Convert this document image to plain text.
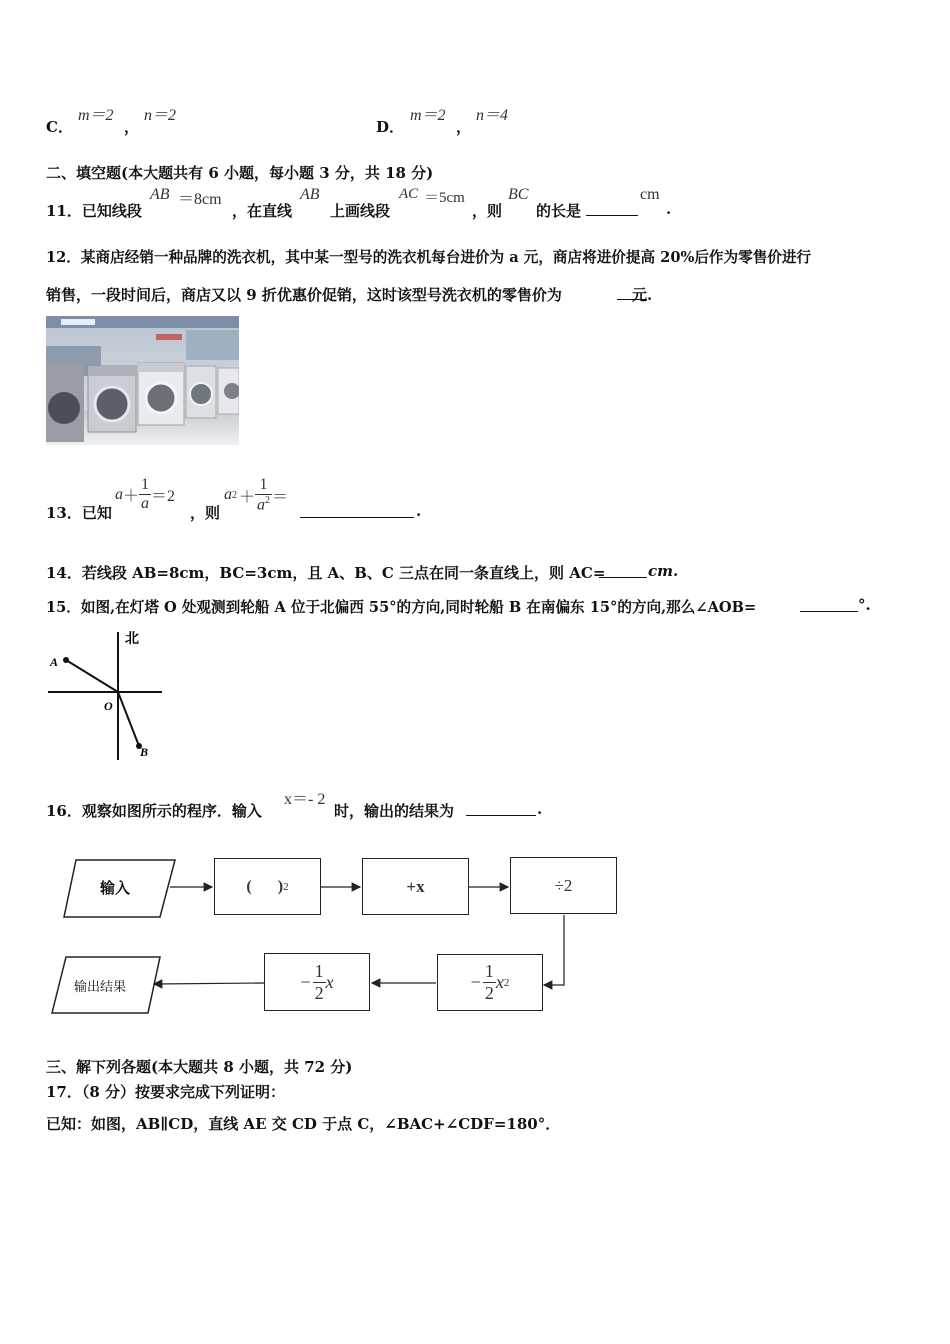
C．
m＝2
，
n＝2
D．
m＝2
，
n＝4
二、填空题(本大题共有 6 小题，每小题 3 分，共 18 分)
11．已知线段
AB ＝8cm
，在直线
AB
上画线段
AC ＝5cm
，则
BC
的长是
cm
.
12．某商店经销一种品牌的洗衣机，其中某一型号的洗衣机每台进价为 a 元，商店将进价提高 20%后作为零售价进行
销售，一段时间后，商店又以 9 折优惠价促销，这时该型号洗衣机的零售价为	元.
13．已知
$a + \frac{1}{a} =2$
，则
a $2 + \frac{1}{a^2}$ ＝
.
14．若线段 AB=8cm，BC=3cm，且 A、B、C 三点在同一条直线上，则 AC=	cm.
15．如图,在灯塔 O 处观测到轮船 A 位于北偏西 55°的方向,同时轮船 B 在南偏东 15°的方向,那么∠AOB=	°.
北
A
O
B
16．观察如图所示的程序．输入
x＝- 2
时，输出的结果为	.
输入	( ) 2	+x	÷2
− $\frac{1}{2}$ x 2
− $\frac{1}{2}$ x
输出结果
三、解下列各题(本大题共 8 小题，共 72 分)
17．（8 分）按要求完成下列证明：
已知：如图，AB∥CD，直线 AE 交 CD 于点 C，∠BAC+∠CDF=180°．
